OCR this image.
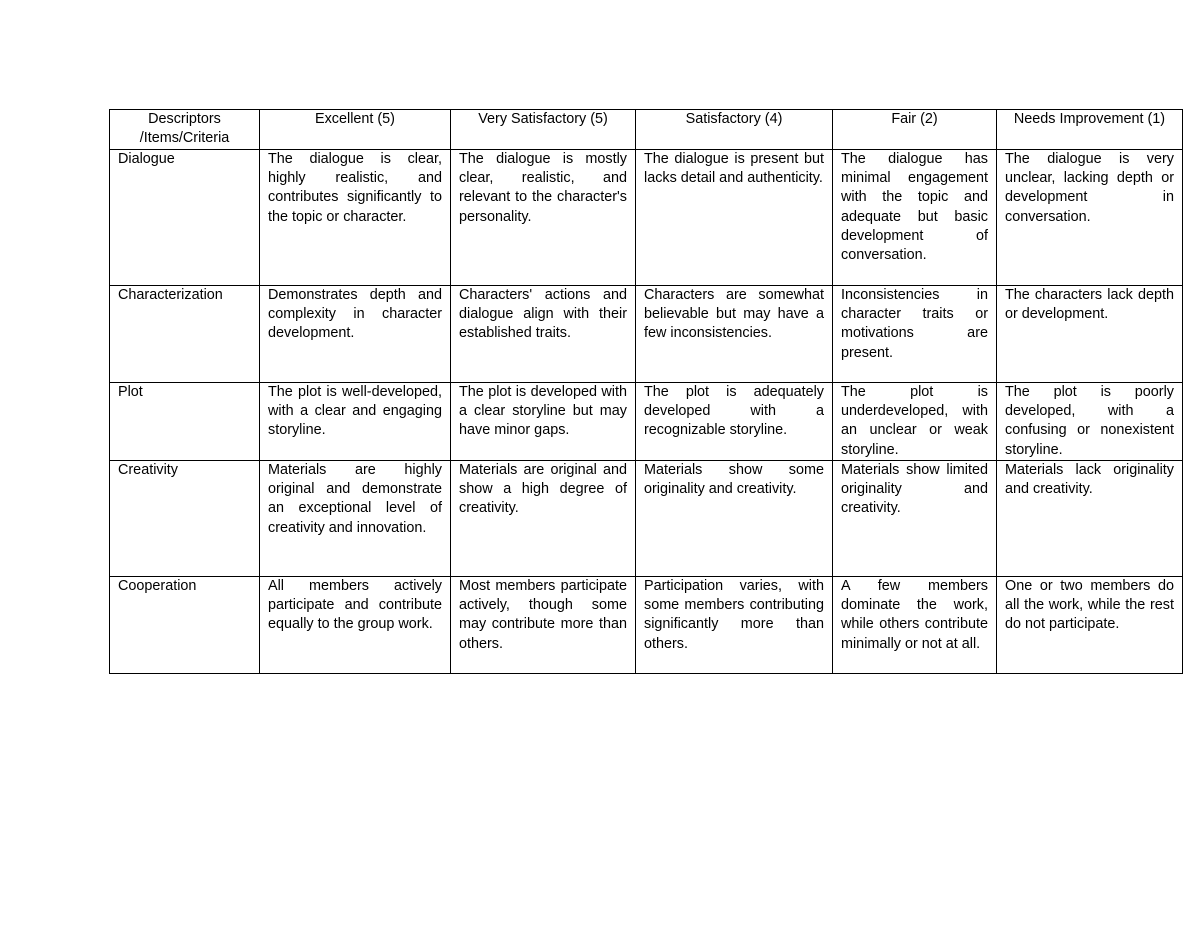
Descriptors /Items/Criteria	Excellent (5)	Very Satisfactory (5)	Satisfactory (4)	Fair (2)	Needs Improvement (1)
Dialogue	The dialogue is clear, highly realistic, and contributes significantly to the topic or character.	The dialogue is mostly clear, realistic, and relevant to the character's personality.	The dialogue is present but lacks detail and authenticity.	The dialogue has minimal engagement with the topic and adequate but basic development of conversation.	The dialogue is very unclear, lacking depth or development in conversation.
Characterization	Demonstrates depth and complexity in character development.	Characters' actions and dialogue align with their established traits.	Characters are somewhat believable but may have a few inconsistencies.	Inconsistencies in character traits or motivations are present.	The characters lack depth or development.
Plot	The plot is well-developed, with a clear and engaging storyline.	The plot is developed with a clear storyline but may have minor gaps.	The plot is adequately developed with a recognizable storyline.	The plot is underdeveloped, with an unclear or weak storyline.	The plot is poorly developed, with a confusing or nonexistent storyline.
Creativity	Materials are highly original and demonstrate an exceptional level of creativity and innovation.	Materials are original and show a high degree of creativity.	Materials show some originality and creativity.	Materials show limited originality and creativity.	Materials lack originality and creativity.
Cooperation	All members actively participate and contribute equally to the group work.	Most members participate actively, though some may contribute more than others.	Participation varies, with some members contributing significantly more than others.	A few members dominate the work, while others contribute minimally or not at all.	One or two members do all the work, while the rest do not participate.
